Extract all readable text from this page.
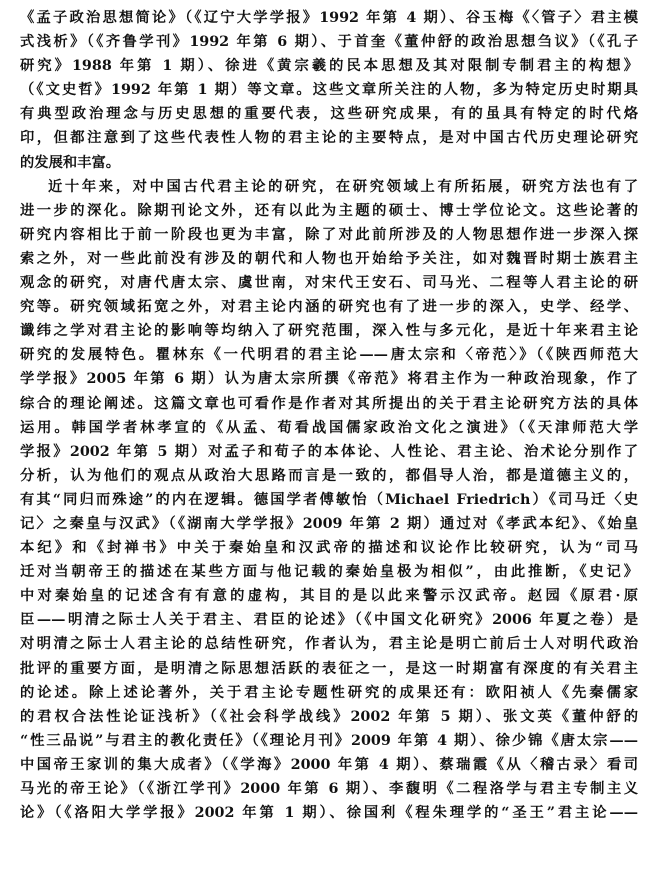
《孟子政治思想简论》（《辽宁大学学报》1992 年第 4 期）、谷玉梅《〈管子〉君主模
式浅析》（《齐鲁学刊》1992 年第 6 期）、于首奎《董仲舒的政治思想刍议》（《孔子
研究》1988 年第 1 期）、徐进《黄宗羲的民本思想及其对限制专制君主的构想》
（《文史哲》1992 年第 1 期）等文章。这些文章所关注的人物，多为特定历史时期具
有典型政治理念与历史思想的重要代表，这些研究成果，有的虽具有特定的时代烙
印，但都注意到了这些代表性人物的君主论的主要特点，是对中国古代历史理论研究
的发展和丰富。
近十年来，对中国古代君主论的研究，在研究领域上有所拓展，研究方法也有了
进一步的深化。除期刊论文外，还有以此为主题的硕士、博士学位论文。这些论著的
研究内容相比于前一阶段也更为丰富，除了对此前所涉及的人物思想作进一步深入探
索之外，对一些此前没有涉及的朝代和人物也开始给予关注，如对魏晋时期士族君主
观念的研究，对唐代唐太宗、虞世南，对宋代王安石、司马光、二程等人君主论的研
究等。研究领域拓宽之外，对君主论内涵的研究也有了进一步的深入，史学、经学、
谶纬之学对君主论的影响等均纳入了研究范围，深入性与多元化，是近十年来君主论
研究的发展特色。瞿林东《一代明君的君主论——唐太宗和〈帝范〉》（《陕西师范大
学学报》2005 年第 6 期）认为唐太宗所撰《帝范》将君主作为一种政治现象，作了
综合的理论阐述。这篇文章也可看作是作者对其所提出的关于君主论研究方法的具体
运用。韩国学者林孝宣的《从孟、荀看战国儒家政治文化之演进》（《天津师范大学
学报》2002 年第 5 期）对孟子和荀子的本体论、人性论、君主论、治术论分别作了
分析，认为他们的观点从政治大思路而言是一致的，都倡导人治，都是道德主义的，
有其“同归而殊途”的内在逻辑。德国学者傅敏怡（Michael Friedrich）《司马迁〈史
记〉之秦皇与汉武》（《湖南大学学报》2009 年第 2 期）通过对《孝武本纪》、《始皇
本纪》和《封禅书》中关于秦始皇和汉武帝的描述和议论作比较研究，认为“司马
迁对当朝帝王的描述在某些方面与他记载的秦始皇极为相似”，由此推断，《史记》
中对秦始皇的记述含有有意的虚构，其目的是以此来警示汉武帝。赵园《原君·原
臣——明清之际士人关于君主、君臣的论述》（《中国文化研究》2006 年夏之卷）是
对明清之际士人君主论的总结性研究，作者认为，君主论是明亡前后士人对明代政治
批评的重要方面，是明清之际思想活跃的表征之一，是这一时期富有深度的有关君主
的论述。除上述论著外，关于君主论专题性研究的成果还有：欧阳祯人《先秦儒家
的君权合法性论证浅析》（《社会科学战线》2002 年第 5 期）、张文英《董仲舒的
“性三品说”与君主的教化责任》（《理论月刊》2009 年第 4 期）、徐少锦《唐太宗——
中国帝王家训的集大成者》（《学海》2000 年第 4 期）、蔡瑞霞《从〈稽古录〉看司
马光的帝王论》（《浙江学刊》2000 年第 6 期）、李馥明《二程洛学与君主专制主义
论》（《洛阳大学学报》2002 年第 1 期）、徐国利《程朱理学的“圣王”君主论——
